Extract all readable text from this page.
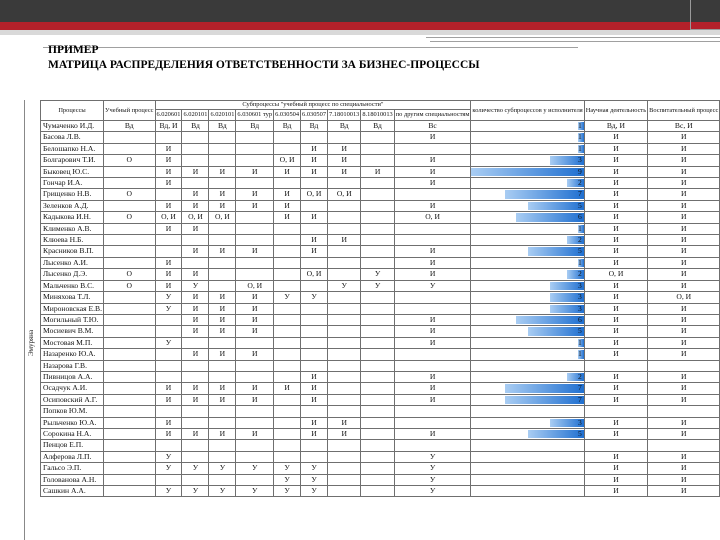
ПРИМЕР
МАТРИЦА РАСПРЕДЕЛЕНИЯ ОТВЕТСТВЕННОСТИ ЗА БИЗНЕС-ПРОЦЕССЫ
Эмуряна
Процессы	Учебный процесс	Субпроцессы "учебный процесс по специальности"									количество субпроцессов у исполнителя	Научная деятельность	Воспитательный процесс
		6.020601	6.020101	6.020101	6.030601 тур	6.030504	6.030507	7.18010013	8.18010013	по другим специальностям			
Чумаченко И.Д.	Вд	Вд, И	Вд	Вд	Вд	Вд	Вд	Вд	Вд	Вс	1	Вд, И	Вс, И
Басова Л.В.										И	1	И	И
Белошапко Н.А.		И					И	И			1	И	И
Болгарович Т.И.	О	И				О, И	И	И		И	3	И	И
Быковец Ю.С.		И	И	И	И	И	И	И	И	И	9	И	И
Гончар И.А.		И								И	2	И	И
Грищенко Н.В.	О		И	И	И	И	О, И	О, И			7	И	И
Зеленков А.Д.		И	И	И	И	И				И	5	И	И
Кадыкова И.Н.	О	О, И	О, И	О, И		И	И			О, И	6	И	И
Клименко А.В.		И	И								1	И	И
Клюева Н.Б.							И	И			2	И	И
Красников В.П.			И	И	И		И			И	5	И	И
Лысенко А.И.		И								И	1	И	И
Лысенко Д.Э.	О	И	И				О, И		У	И	2	О, И	И
Мальченко В.С.	О	И	У		О, И			У	У	У	3	И	И
Миняхова Т.Л.		У	И	И	И	У	У				3	И	О, И
Мироновская Е.В.		У	И	И	И						3	И	И
Могильный Т.Ю.			И	И	И					И	6	И	И
Мосиевич В.М.			И	И	И					И	5	И	И
Мостовая М.П.		У								И	1	И	И
Назаренко Ю.А.			И	И	И						1	И	И
Назарова Г.В.											

Пивницов А.А.							И			И	2	И	И
Осадчук А.И.		И	И	И	И	И	И			И	7	И	И
Осиповский А.Г.		И	И	И	И		И			И	7	И	И
Попков Ю.М.											

Рыльченко Ю.А.		И					И	И			3	И	И
Сорокина Н.А.		И	И	И	И		И	И		И	5	И	И
Пенцов Е.П.											

Алферова Л.П.		У								У		И	И
Гальсо Э.П.		У	У	У	У	У	У			У		И	И
Голованова А.Н.						У	У			У		И	И
Сашкин А.А.		У	У	У	У	У	У			У		И	И
